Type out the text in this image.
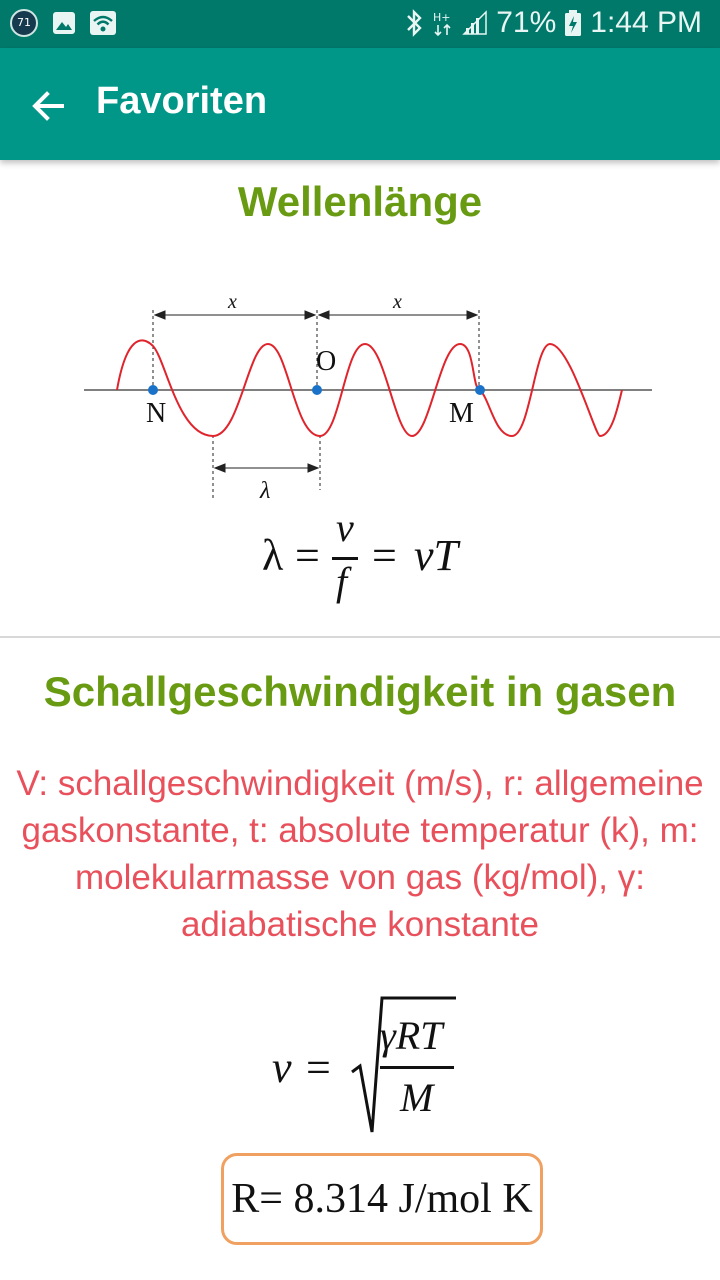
71	H+ 71% 1:44 PM
Favoriten
Wellenlänge
x	x
O
N	M
λ
λ =
v
f
= vT
Schallgeschwindigkeit in gasen
V: schallgeschwindigkeit (m/s), r: allgemeine gaskonstante, t: absolute temperatur (k), m: molekularmasse von gas (kg/mol), γ: adiabatische konstante
v =
γRT
M
R= 8.314 J/mol K
